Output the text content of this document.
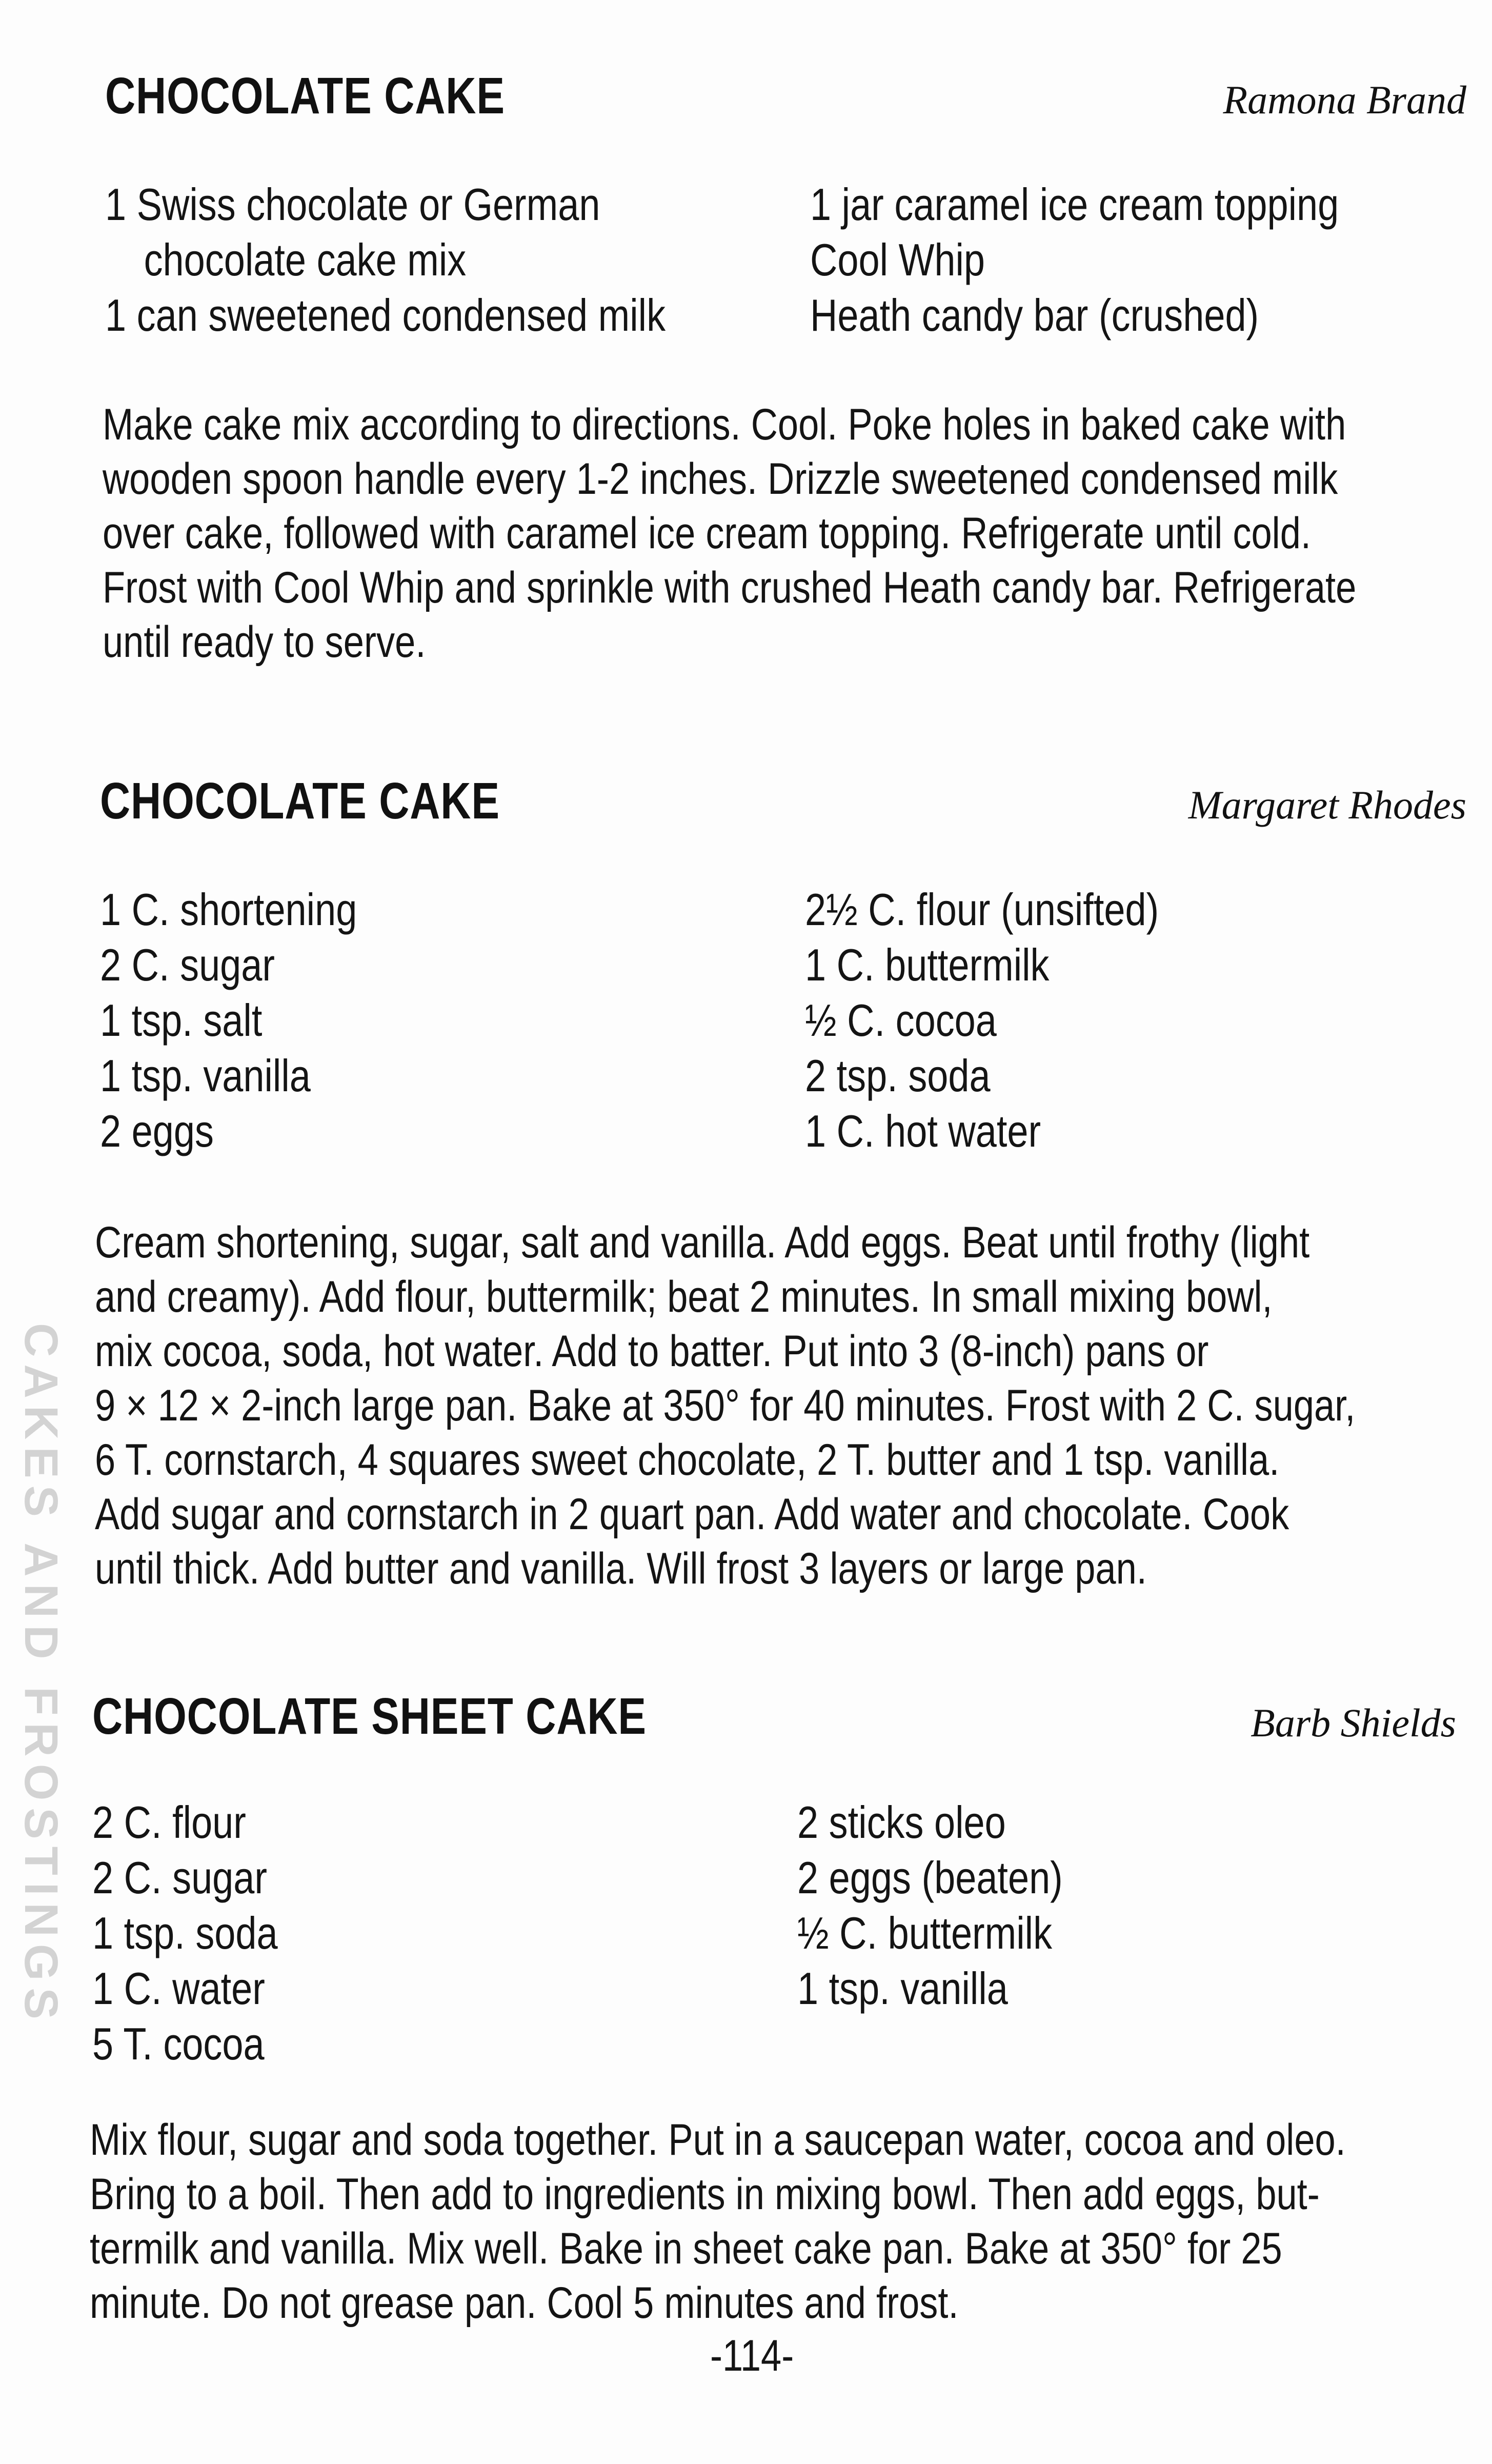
CAKES AND FROSTINGS
CHOCOLATE CAKE	Ramona Brand
1 Swiss chocolate or German
chocolate cake mix
1 can sweetened condensed milk
1 jar caramel ice cream topping
Cool Whip
Heath candy bar (crushed)
Make cake mix according to directions. Cool. Poke holes in baked cake with
wooden spoon handle every 1-2 inches. Drizzle sweetened condensed milk
over cake, followed with caramel ice cream topping. Refrigerate until cold.
Frost with Cool Whip and sprinkle with crushed Heath candy bar. Refrigerate
until ready to serve.
CHOCOLATE CAKE	Margaret Rhodes
1 C. shortening
2 C. sugar
1 tsp. salt
1 tsp. vanilla
2 eggs
2½ C. flour (unsifted)
1 C. buttermilk
½ C. cocoa
2 tsp. soda
1 C. hot water
Cream shortening, sugar, salt and vanilla. Add eggs. Beat until frothy (light
and creamy). Add flour, buttermilk; beat 2 minutes. In small mixing bowl,
mix cocoa, soda, hot water. Add to batter. Put into 3 (8-inch) pans or
9 × 12 × 2-inch large pan. Bake at 350° for 40 minutes. Frost with 2 C. sugar,
6 T. cornstarch, 4 squares sweet chocolate, 2 T. butter and 1 tsp. vanilla.
Add sugar and cornstarch in 2 quart pan. Add water and chocolate. Cook
until thick. Add butter and vanilla. Will frost 3 layers or large pan.
CHOCOLATE SHEET CAKE	Barb Shields
2 C. flour
2 C. sugar
1 tsp. soda
1 C. water
5 T. cocoa
2 sticks oleo
2 eggs (beaten)
½ C. buttermilk
1 tsp. vanilla
Mix flour, sugar and soda together. Put in a saucepan water, cocoa and oleo.
Bring to a boil. Then add to ingredients in mixing bowl. Then add eggs, but-
termilk and vanilla. Mix well. Bake in sheet cake pan. Bake at 350° for 25
minute. Do not grease pan. Cool 5 minutes and frost.
-114-
